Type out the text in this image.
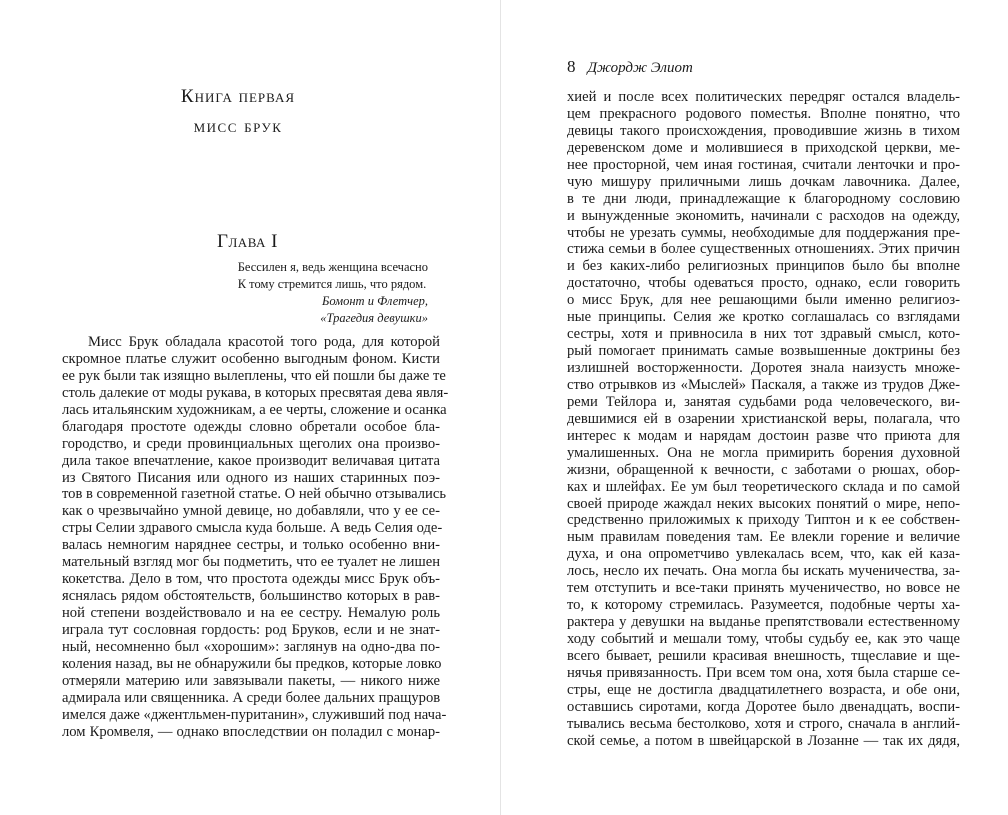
Книга первая
мисс брук
Глава I
Бессилен я, ведь женщина всечасно
К тому стремится лишь, что рядом.
Бомонт и Флетчер,
«Трагедия девушки»
Мисс Брук обладала красотой того рода, для которой
скромное платье служит особенно выгодным фоном. Кисти
ее рук были так изящно вылеплены, что ей пошли бы даже те
столь далекие от моды рукава, в которых пресвятая дева явля-
лась итальянским художникам, а ее черты, сложение и осанка
благодаря простоте одежды словно обретали особое бла-
городство, и среди провинциальных щеголих она произво-
дила такое впечатление, какое производит величавая цитата
из Святого Писания или одного из наших старинных поэ-
тов в современной газетной статье. О ней обычно отзывались
как о чрезвычайно умной девице, но добавляли, что у ее се-
стры Селии здравого смысла куда больше. А ведь Селия оде-
валась немногим наряднее сестры, и только особенно вни-
мательный взгляд мог бы подметить, что ее туалет не лишен
кокетства. Дело в том, что простота одежды мисс Брук объ-
яснялась рядом обстоятельств, большинство которых в рав-
ной степени воздействовало и на ее сестру. Немалую роль
играла тут сословная гордость: род Бруков, если и не знат-
ный, несомненно был «хорошим»: заглянув на одно-два по-
коления назад, вы не обнаружили бы предков, которые ловко
отмеряли материю или завязывали пакеты, — никого ниже
адмирала или священника. А среди более дальних пращуров
имелся даже «джентльмен-пуританин», служивший под нача-
лом Кромвеля, — однако впоследствии он поладил с монар-
8 Джордж Элиот
хией и после всех политических передряг остался владель-
цем прекрасного родового поместья. Вполне понятно, что
девицы такого происхождения, проводившие жизнь в тихом
деревенском доме и молившиеся в приходской церкви, ме-
нее просторной, чем иная гостиная, считали ленточки и про-
чую мишуру приличными лишь дочкам лавочника. Далее,
в те дни люди, принадлежащие к благородному сословию
и вынужденные экономить, начинали с расходов на одежду,
чтобы не урезать суммы, необходимые для поддержания пре-
стижа семьи в более существенных отношениях. Этих причин
и без каких-либо религиозных принципов было бы вполне
достаточно, чтобы одеваться просто, однако, если говорить
о мисс Брук, для нее решающими были именно религиоз-
ные принципы. Селия же кротко соглашалась со взглядами
сестры, хотя и привносила в них тот здравый смысл, кото-
рый помогает принимать самые возвышенные доктрины без
излишней восторженности. Доротея знала наизусть множе-
ство отрывков из «Мыслей» Паскаля, а также из трудов Дже-
реми Тейлора и, занятая судьбами рода человеческого, ви-
девшимися ей в озарении христианской веры, полагала, что
интерес к модам и нарядам достоин разве что приюта для
умалишенных. Она не могла примирить борения духовной
жизни, обращенной к вечности, с заботами о рюшах, обор-
ках и шлейфах. Ее ум был теоретического склада и по самой
своей природе жаждал неких высоких понятий о мире, непо-
средственно приложимых к приходу Типтон и к ее собствен-
ным правилам поведения там. Ее влекли горение и величие
духа, и она опрометчиво увлекалась всем, что, как ей каза-
лось, несло их печать. Она могла бы искать мученичества, за-
тем отступить и все-таки принять мученичество, но вовсе не
то, к которому стремилась. Разумеется, подобные черты ха-
рактера у девушки на выданье препятствовали естественному
ходу событий и мешали тому, чтобы судьбу ее, как это чаще
всего бывает, решили красивая внешность, тщеславие и ще-
нячья привязанность. При всем том она, хотя была старше се-
стры, еще не достигла двадцатилетнего возраста, и обе они,
оставшись сиротами, когда Доротее было двенадцать, воспи-
тывались весьма бестолково, хотя и строго, сначала в англий-
ской семье, а потом в швейцарской в Лозанне — так их дядя,
